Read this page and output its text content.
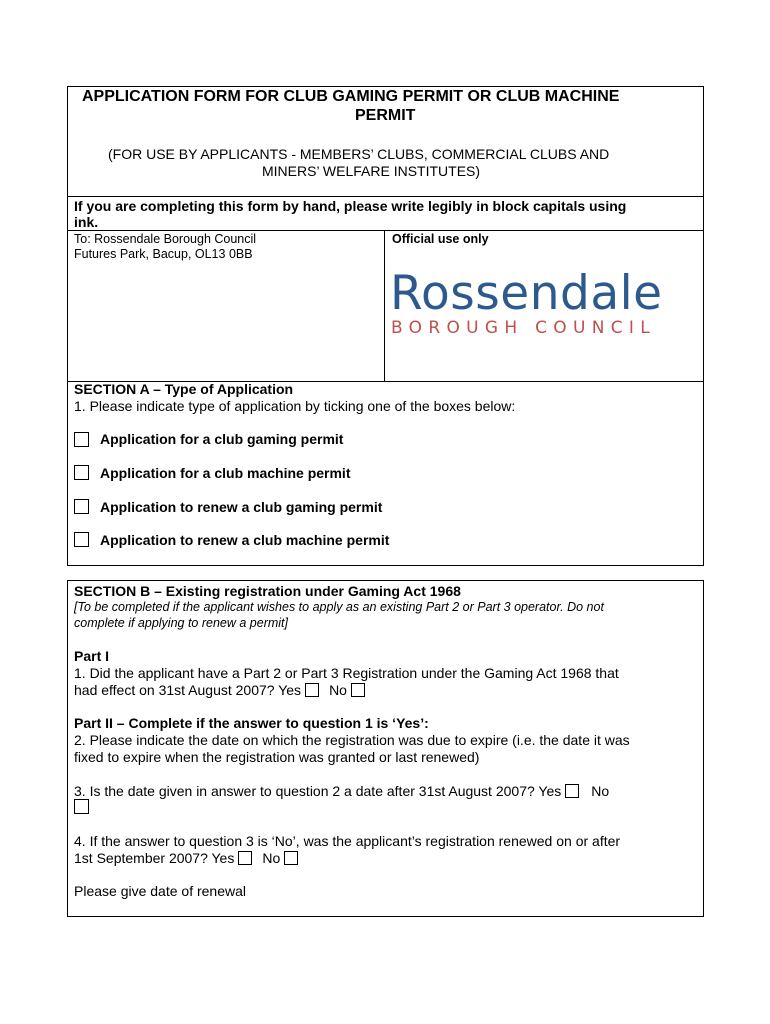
APPLICATION FORM FOR CLUB GAMING PERMIT OR CLUB MACHINE
PERMIT
(FOR USE BY APPLICANTS - MEMBERS’ CLUBS, COMMERCIAL CLUBS AND
MINERS’ WELFARE INSTITUTES)
If you are completing this form by hand, please write legibly in block capitals using
ink.
To: Rossendale Borough Council
Futures Park, Bacup, OL13 0BB
Official use only
Rossendale
BOROUGH COUNCIL
SECTION A – Type of Application
1. Please indicate type of application by ticking one of the boxes below:
Application for a club gaming permit
Application for a club machine permit
Application to renew a club gaming permit
Application to renew a club machine permit
SECTION B – Existing registration under Gaming Act 1968
[To be completed if the applicant wishes to apply as an existing Part 2 or Part 3 operator. Do not
complete if applying to renew a permit]
Part I
1. Did the applicant have a Part 2 or Part 3 Registration under the Gaming Act 1968 that
had effect on 31st August 2007? Yes No
Part II – Complete if the answer to question 1 is ‘Yes’:
2. Please indicate the date on which the registration was due to expire (i.e. the date it was
fixed to expire when the registration was granted or last renewed)
3. Is the date given in answer to question 2 a date after 31st August 2007? Yes No
4. If the answer to question 3 is ‘No’, was the applicant’s registration renewed on or after
1st September 2007? Yes No
Please give date of renewal
